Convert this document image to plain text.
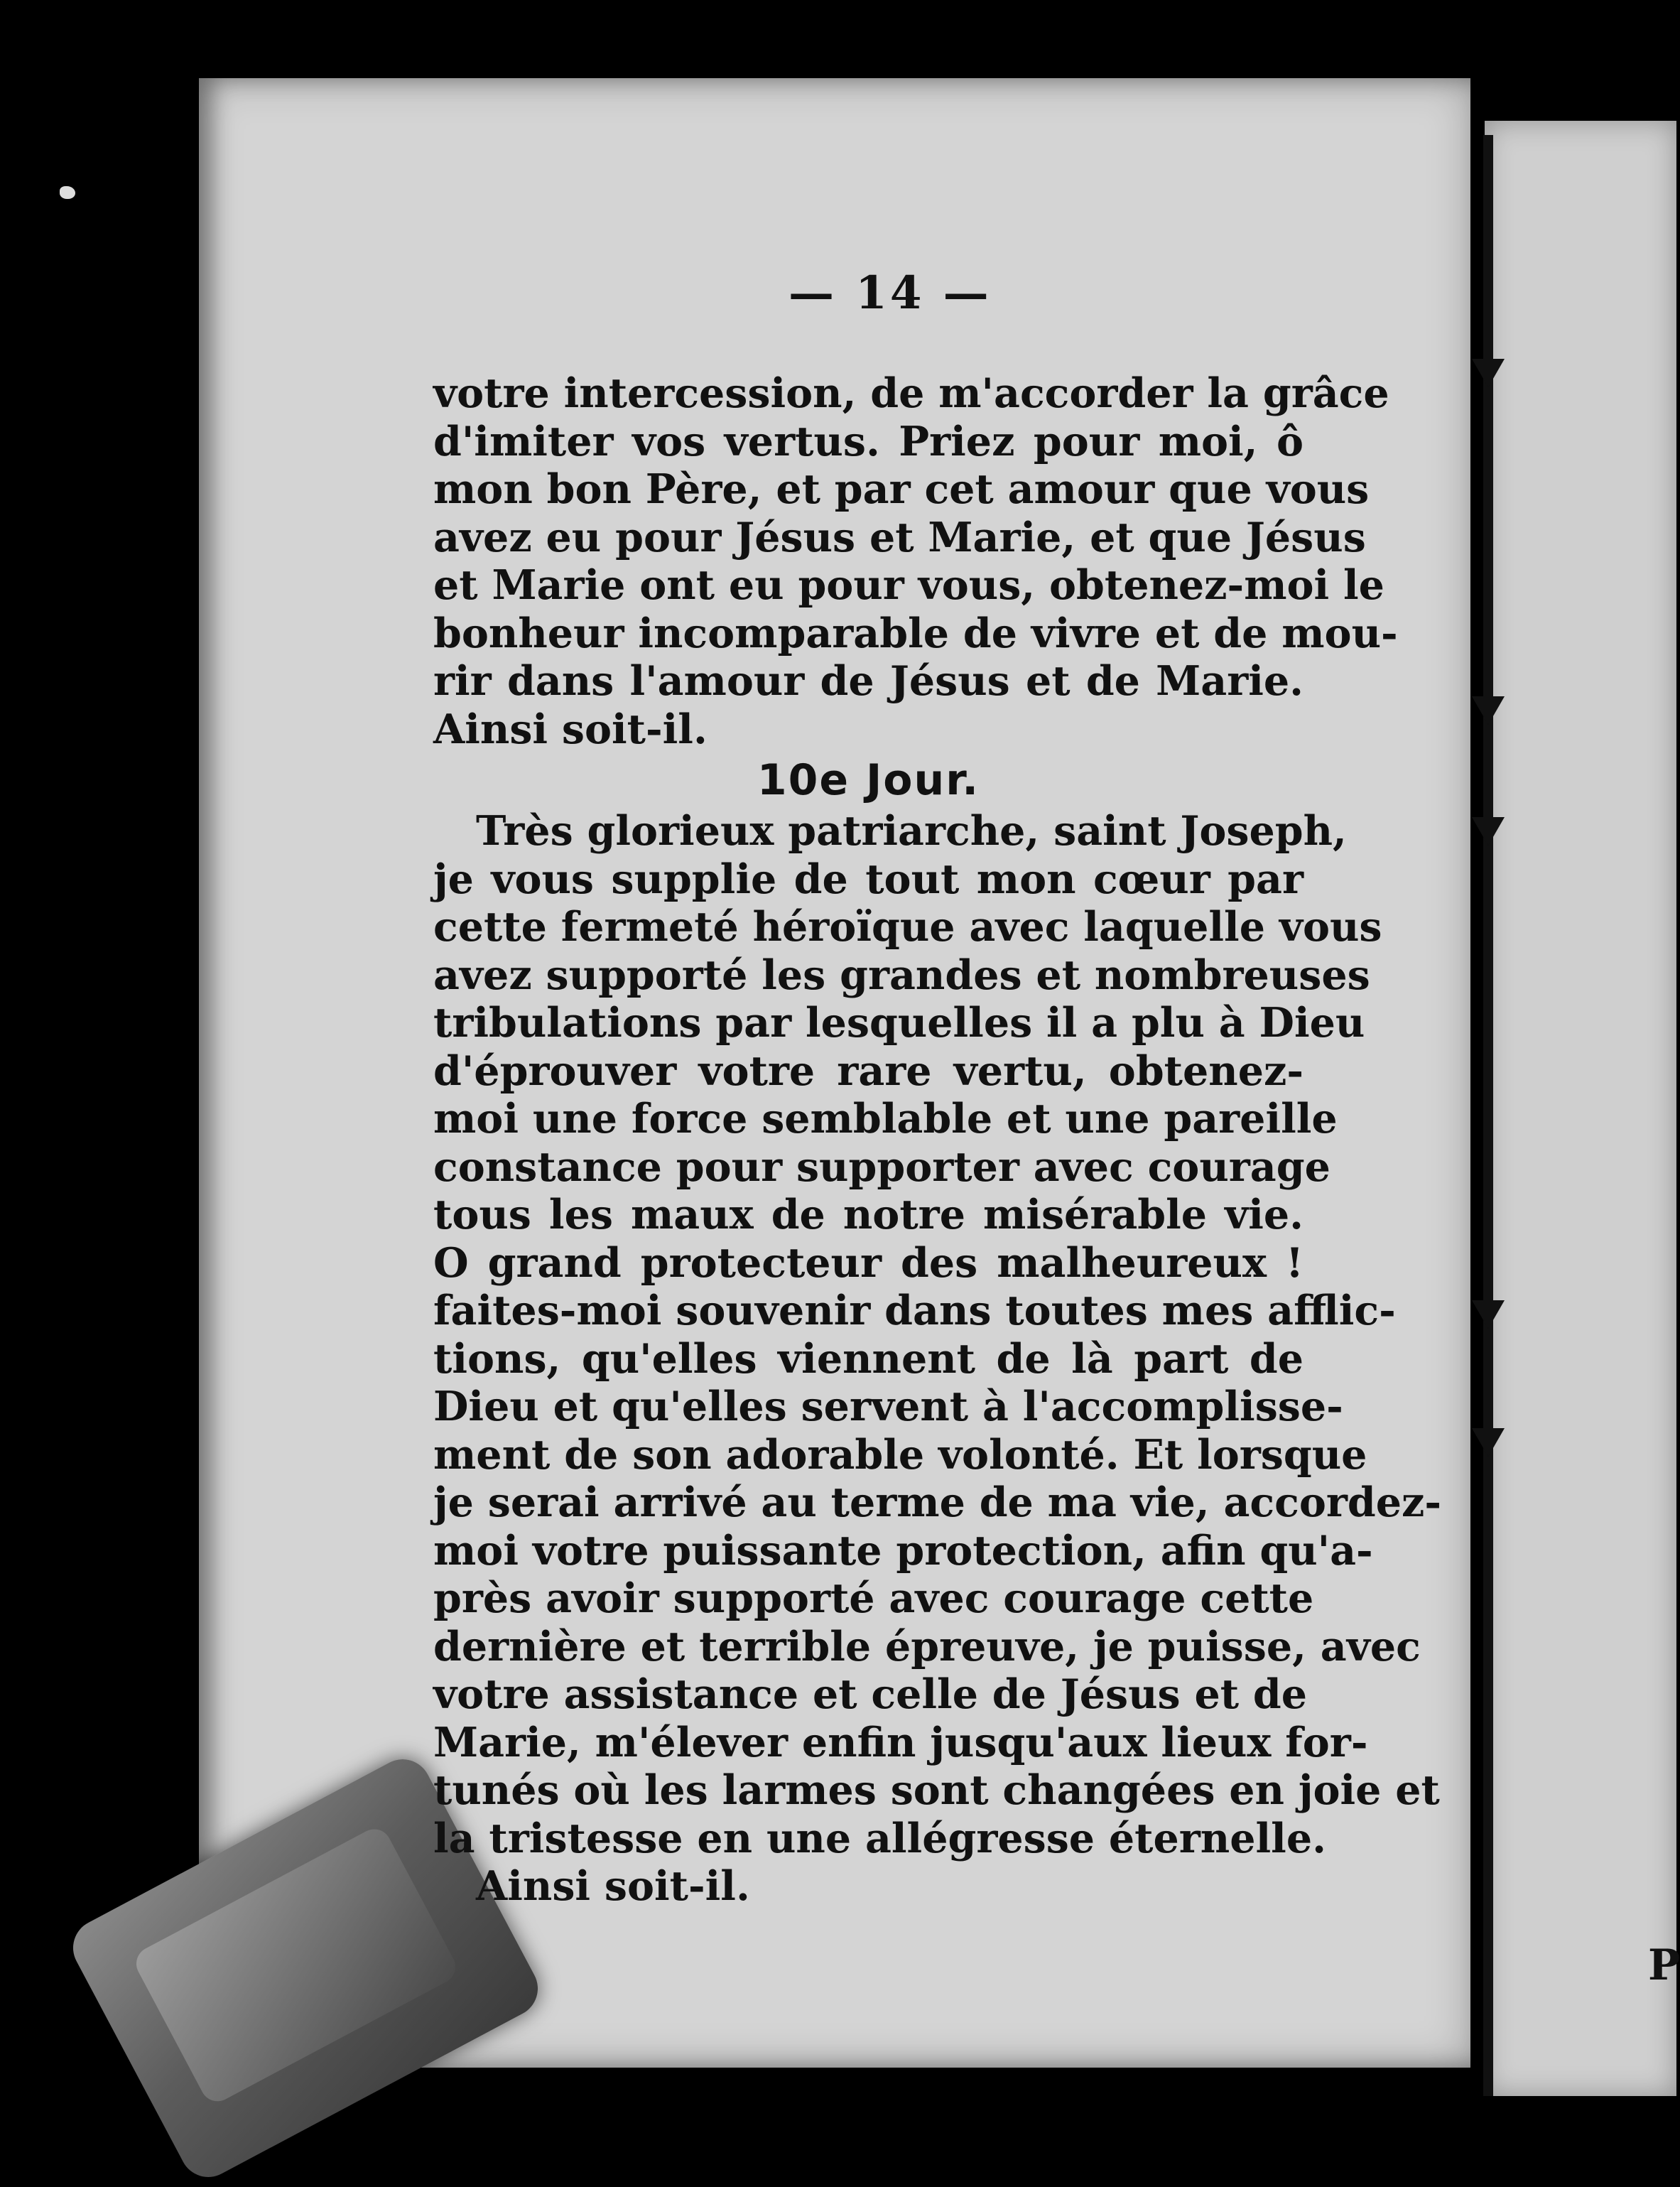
P
— 14 —
votre intercession, de m'accorder la grâce
d'imiter vos vertus. Priez pour moi, ô
mon bon Père, et par cet amour que vous
avez eu pour Jésus et Marie, et que Jésus
et Marie ont eu pour vous, obtenez-moi le
bonheur incomparable de vivre et de mou-
rir dans l'amour de Jésus et de Marie.
Ainsi soit-il.
10e Jour.
Très glorieux patriarche, saint Joseph,
je vous supplie de tout mon cœur par
cette fermeté héroïque avec laquelle vous
avez supporté les grandes et nombreuses
tribulations par lesquelles il a plu à Dieu
d'éprouver votre rare vertu, obtenez-
moi une force semblable et une pareille
constance pour supporter avec courage
tous les maux de notre misérable vie.
O grand protecteur des malheureux !
faites-moi souvenir dans toutes mes afflic-
tions, qu'elles viennent de là part de
Dieu et qu'elles servent à l'accomplisse-
ment de son adorable volonté. Et lorsque
je serai arrivé au terme de ma vie, accordez-
moi votre puissante protection, afin qu'a-
près avoir supporté avec courage cette
dernière et terrible épreuve, je puisse, avec
votre assistance et celle de Jésus et de
Marie, m'élever enfin jusqu'aux lieux for-
tunés où les larmes sont changées en joie et
la tristesse en une allégresse éternelle.
Ainsi soit-il.
